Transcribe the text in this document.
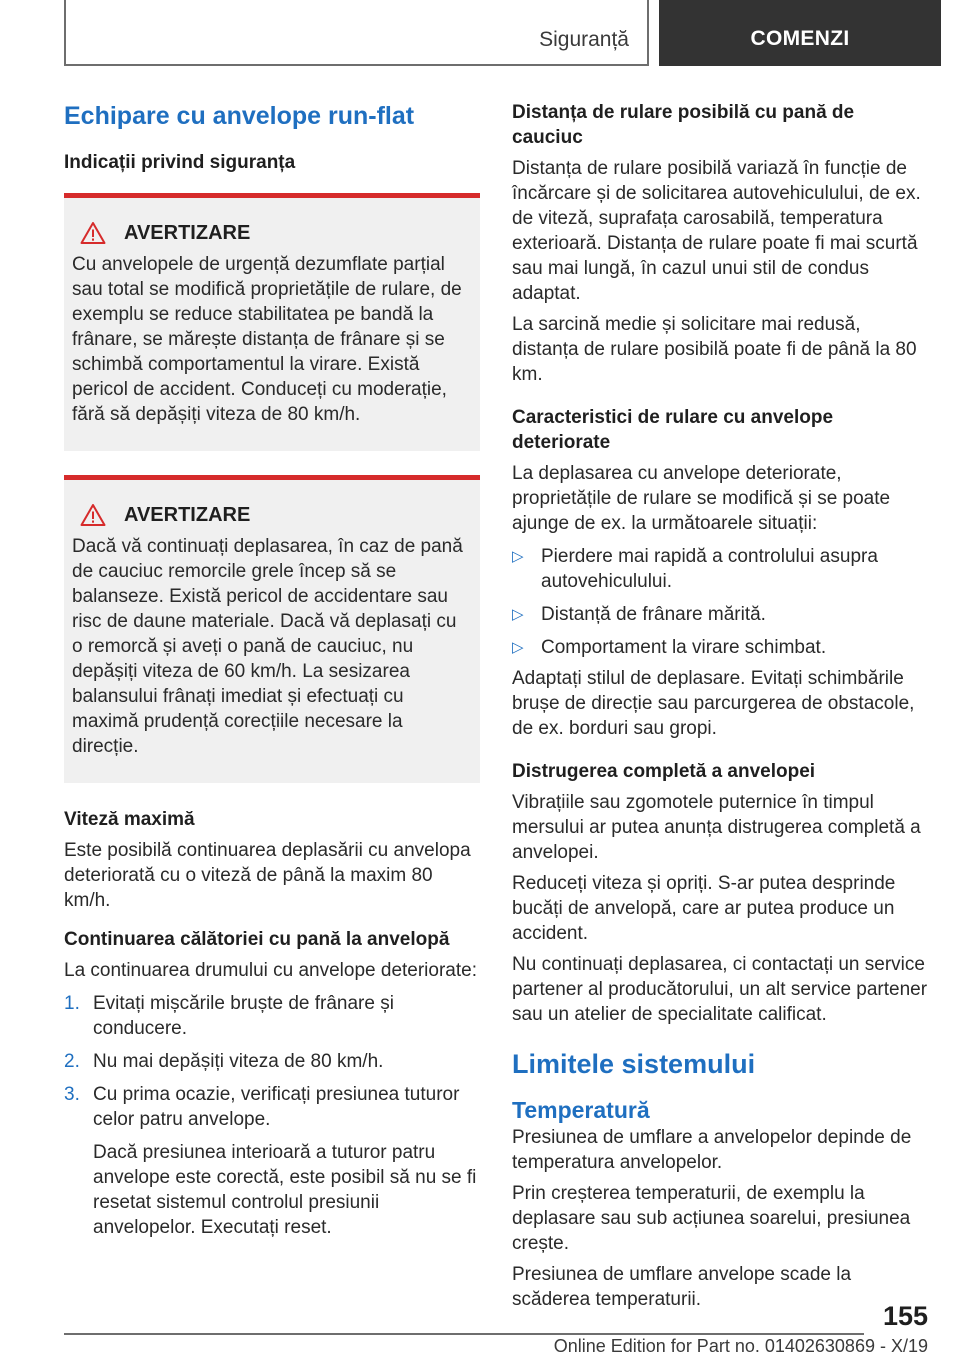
Siguranță	COMENZI
Echipare cu anvelope run-flat
Indicații privind siguranța
AVERTIZARE
Cu anvelopele de urgență dezumflate parțial sau total se modifică proprietățile de rulare, de exemplu se reduce stabilitatea pe bandă la frânare, se mărește distanța de frânare și se schimbă comportamentul la virare. Există pericol de accident. Conduceți cu moderație, fără să depășiți viteza de 80 km/h.
AVERTIZARE
Dacă vă continuați deplasarea, în caz de pană de cauciuc remorcile grele încep să se balanseze. Există pericol de accidentare sau risc de daune materiale. Dacă vă deplasați cu o remorcă și aveți o pană de cauciuc, nu depășiți viteza de 60 km/h. La sesizarea balansului frânați imediat și efectuați cu maximă prudență corecțiile necesare la direcție.
Viteză maximă
Este posibilă continuarea deplasării cu anvelopa deteriorată cu o viteză de până la maxim 80 km/h.
Continuarea călătoriei cu pană la anvelopă
La continuarea drumului cu anvelope deteriorate:
1. Evitați mișcările bruște de frânare și conducere.
2. Nu mai depășiți viteza de 80 km/h.
3. Cu prima ocazie, verificați presiunea tuturor celor patru anvelope.
Dacă presiunea interioară a tuturor patru anvelope este corectă, este posibil să nu se fi resetat sistemul controlul presiunii anvelopelor. Executați reset.
Distanța de rulare posibilă cu pană de cauciuc
Distanța de rulare posibilă variază în funcție de încărcare și de solicitarea autovehiculului, de ex. de viteză, suprafața carosabilă, temperatura exterioară. Distanța de rulare poate fi mai scurtă sau mai lungă, în cazul unui stil de condus adaptat.
La sarcină medie și solicitare mai redusă, distanța de rulare posibilă poate fi de până la 80 km.
Caracteristici de rulare cu anvelope deteriorate
La deplasarea cu anvelope deteriorate, proprietățile de rulare se modifică și se poate ajunge de ex. la următoarele situații:
▷ Pierdere mai rapidă a controlului asupra autovehiculului.
▷ Distanță de frânare mărită.
▷ Comportament la virare schimbat.
Adaptați stilul de deplasare. Evitați schimbările brușe de direcție sau parcurgerea de obstacole, de ex. borduri sau gropi.
Distrugerea completă a anvelopei
Vibrațiile sau zgomotele puternice în timpul mersului ar putea anunța distrugerea completă a anvelopei.
Reduceți viteza și opriți. S-ar putea desprinde bucăți de anvelopă, care ar putea produce un accident.
Nu continuați deplasarea, ci contactați un service partener al producătorului, un alt service partener sau un atelier de specialitate calificat.
Limitele sistemului
Temperatură
Presiunea de umflare a anvelopelor depinde de temperatura anvelopelor.
Prin creșterea temperaturii, de exemplu la deplasare sau sub acțiunea soarelui, presiunea crește.
Presiunea de umflare anvelope scade la scăderea temperaturii.
155
Online Edition for Part no. 01402630869 - X/19
